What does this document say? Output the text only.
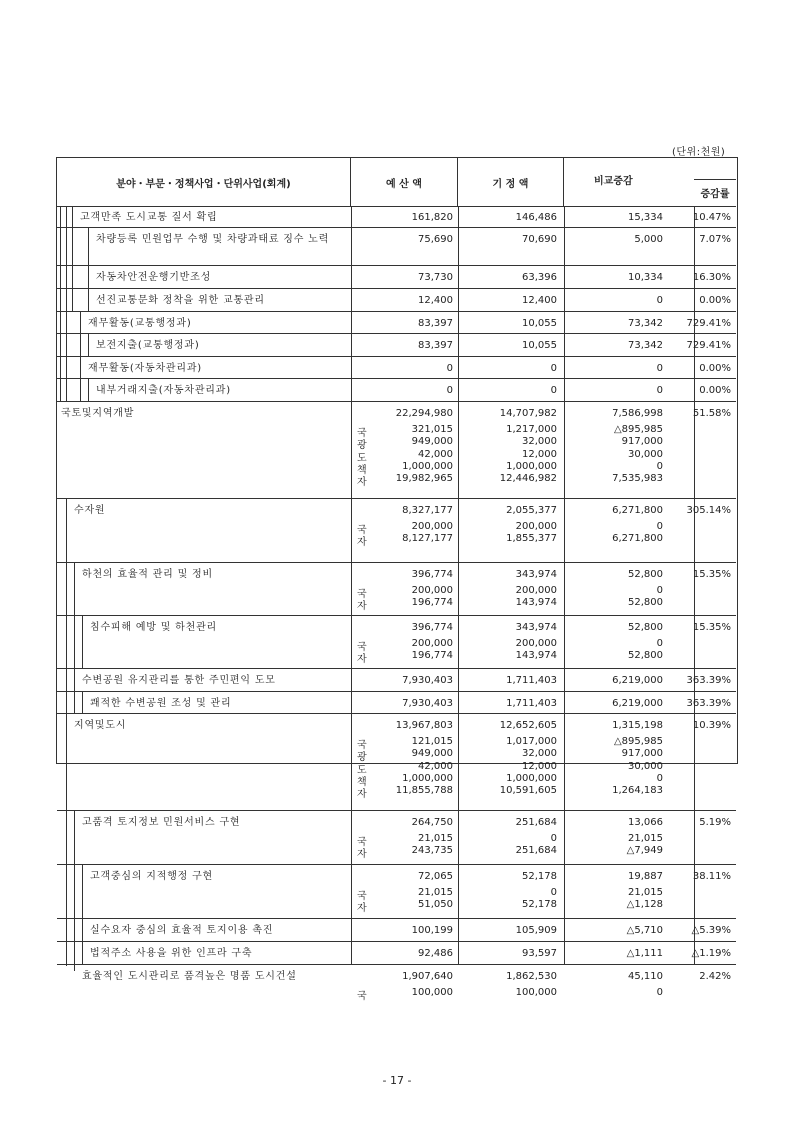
(단위:천원)
분야・부문・정책사업・단위사업(회계)	예 산 액	기 정 액	비교증감
증감률
고객만족 도시교통 질서 확립	161,820	146,486	15,334	10.47%
차량등록 민원업무 수행 및 차량과태료 징수 노력	75,690	70,690	5,000	7.07%
자동차안전운행기반조성	73,730	63,396	10,334	16.30%
선진교통문화 정착을 위한 교통관리	12,400	12,400	0	0.00%
재무활동(교통행정과)	83,397	10,055	73,342	729.41%
보전지출(교통행정과)	83,397	10,055	73,342	729.41%
재무활동(자동차관리과)	0	0	0	0.00%
내부거래지출(자동차관리과)	0	0	0	0.00%
국토및지역개발	22,294,980	14,707,982	7,586,998	51.58%
국	321,015	1,217,000	△895,985
광	949,000	32,000	917,000
도	42,000	12,000	30,000
책	1,000,000	1,000,000	0
자	19,982,965	12,446,982	7,535,983
수자원	8,327,177	2,055,377	6,271,800	305.14%
국	200,000	200,000	0
자	8,127,177	1,855,377	6,271,800
하천의 효율적 관리 및 정비	396,774	343,974	52,800	15.35%
국	200,000	200,000	0
자	196,774	143,974	52,800
침수피해 예방 및 하천관리	396,774	343,974	52,800	15.35%
국	200,000	200,000	0
자	196,774	143,974	52,800
수변공원 유지관리를 통한 주민편익 도모	7,930,403	1,711,403	6,219,000	363.39%
쾌적한 수변공원 조성 및 관리	7,930,403	1,711,403	6,219,000	363.39%
지역및도시	13,967,803	12,652,605	1,315,198	10.39%
국	121,015	1,017,000	△895,985
광	949,000	32,000	917,000
도	42,000	12,000	30,000
책	1,000,000	1,000,000	0
자	11,855,788	10,591,605	1,264,183
고품격 토지정보 민원서비스 구현	264,750	251,684	13,066	5.19%
국	21,015	0	21,015
자	243,735	251,684	△7,949
고객중심의 지적행정 구현	72,065	52,178	19,887	38.11%
국	21,015	0	21,015
자	51,050	52,178	△1,128
실수요자 중심의 효율적 토지이용 촉진	100,199	105,909	△5,710	△5.39%
법적주소 사용을 위한 인프라 구축	92,486	93,597	△1,111	△1.19%
효율적인 도시관리로 품격높은 명품 도시건설	1,907,640	1,862,530	45,110	2.42%
국	100,000	100,000	0
- 17 -
